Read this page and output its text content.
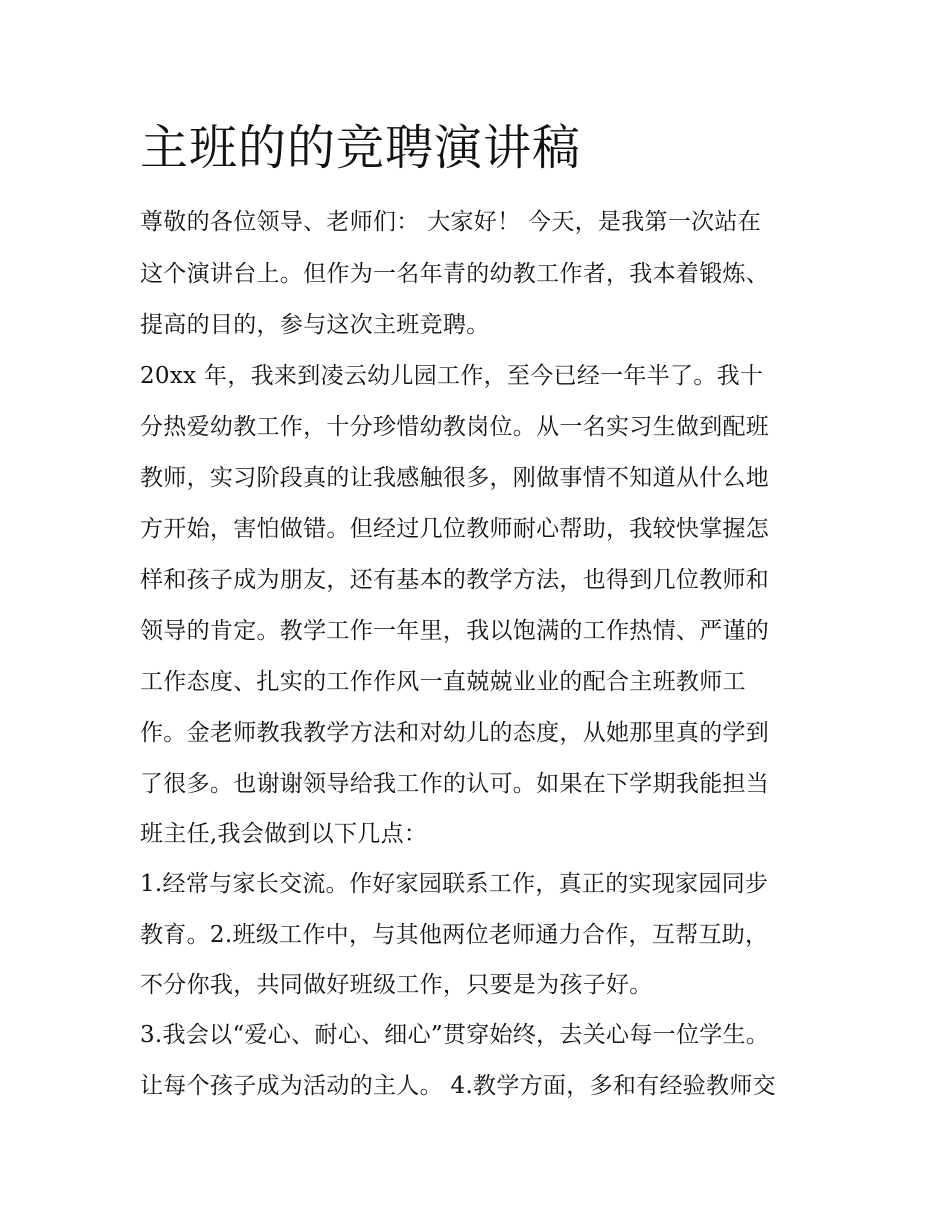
主班的的竞聘演讲稿

尊敬的各位领导、老师们： 大家好！ 今天，是我第一次站在

这个演讲台上。但作为一名年青的幼教工作者，我本着锻炼、

提高的目的，参与这次主班竞聘。

20xx 年，我来到凌云幼儿园工作，至今已经一年半了。我十

分热爱幼教工作，十分珍惜幼教岗位。从一名实习生做到配班

教师，实习阶段真的让我感触很多，刚做事情不知道从什么地

方开始，害怕做错。但经过几位教师耐心帮助，我较快掌握怎

样和孩子成为朋友，还有基本的教学方法，也得到几位教师和

领导的肯定。教学工作一年里，我以饱满的工作热情、严谨的

工作态度、扎实的工作作风一直兢兢业业的配合主班教师工

作。金老师教我教学方法和对幼儿的态度，从她那里真的学到

了很多。也谢谢领导给我工作的认可。如果在下学期我能担当

班主任,我会做到以下几点：

1.经常与家长交流。作好家园联系工作，真正的实现家园同步

教育。2.班级工作中，与其他两位老师通力合作，互帮互助，

不分你我，共同做好班级工作，只要是为孩子好。

3.我会以“爱心、耐心、细心”贯穿始终，去关心每一位学生。

让每个孩子成为活动的主人。 4.教学方面，多和有经验教师交
